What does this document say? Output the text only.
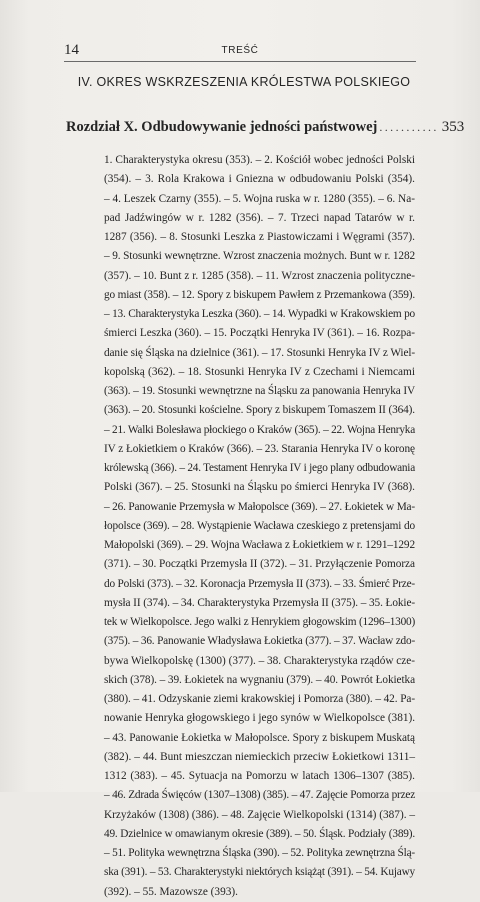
14	TREŚĆ
IV. OKRES WSKRZESZENIA KRÓLESTWA POLSKIEGO
Rozdział X. Odbudowywanie jedności państwowej ........... 353
1. Charakterystyka okresu (353). – 2. Kościół wobec jedności Polski
(354). – 3. Rola Krakowa i Gniezna w odbudowaniu Polski (354).
– 4. Leszek Czarny (355). – 5. Wojna ruska w r. 1280 (355). – 6. Na-
pad Jadźwingów w r. 1282 (356). – 7. Trzeci napad Tatarów w r.
1287 (356). – 8. Stosunki Leszka z Piastowiczami i Węgrami (357).
– 9. Stosunki wewnętrzne. Wzrost znaczenia możnych. Bunt w r. 1282
(357). – 10. Bunt z r. 1285 (358). – 11. Wzrost znaczenia polityczne-
go miast (358). – 12. Spory z biskupem Pawłem z Przemankowa (359).
– 13. Charakterystyka Leszka (360). – 14. Wypadki w Krakowskiem po
śmierci Leszka (360). – 15. Początki Henryka IV (361). – 16. Rozpa-
danie się Śląska na dzielnice (361). – 17. Stosunki Henryka IV z Wiel-
kopolską (362). – 18. Stosunki Henryka IV z Czechami i Niemcami
(363). – 19. Stosunki wewnętrzne na Śląsku za panowania Henryka IV
(363). – 20. Stosunki kościelne. Spory z biskupem Tomaszem II (364).
– 21. Walki Bolesława płockiego o Kraków (365). – 22. Wojna Henryka
IV z Łokietkiem o Kraków (366). – 23. Starania Henryka IV o koronę
królewską (366). – 24. Testament Henryka IV i jego plany odbudowania
Polski (367). – 25. Stosunki na Śląsku po śmierci Henryka IV (368).
– 26. Panowanie Przemysła w Małopolsce (369). – 27. Łokietek w Ma-
łopolsce (369). – 28. Wystąpienie Wacława czeskiego z pretensjami do
Małopolski (369). – 29. Wojna Wacława z Łokietkiem w r. 1291–1292
(371). – 30. Początki Przemysła II (372). – 31. Przyłączenie Pomorza
do Polski (373). – 32. Koronacja Przemysła II (373). – 33. Śmierć Prze-
mysła II (374). – 34. Charakterystyka Przemysła II (375). – 35. Łokie-
tek w Wielkopolsce. Jego walki z Henrykiem głogowskim (1296–1300)
(375). – 36. Panowanie Władysława Łokietka (377). – 37. Wacław zdo-
bywa Wielkopolskę (1300) (377). – 38. Charakterystyka rządów cze-
skich (378). – 39. Łokietek na wygnaniu (379). – 40. Powrót Łokietka
(380). – 41. Odzyskanie ziemi krakowskiej i Pomorza (380). – 42. Pa-
nowanie Henryka głogowskiego i jego synów w Wielkopolsce (381).
– 43. Panowanie Łokietka w Małopolsce. Spory z biskupem Muskatą
(382). – 44. Bunt mieszczan niemieckich przeciw Łokietkowi 1311–
1312 (383). – 45. Sytuacja na Pomorzu w latach 1306–1307 (385).
– 46. Zdrada Święców (1307–1308) (385). – 47. Zajęcie Pomorza przez
Krzyżaków (1308) (386). – 48. Zajęcie Wielkopolski (1314) (387). –
49. Dzielnice w omawianym okresie (389). – 50. Śląsk. Podziały (389).
– 51. Polityka wewnętrzna Śląska (390). – 52. Polityka zewnętrzna Ślą-
ska (391). – 53. Charakterystyki niektórych książąt (391). – 54. Kujawy
(392). – 55. Mazowsze (393).
